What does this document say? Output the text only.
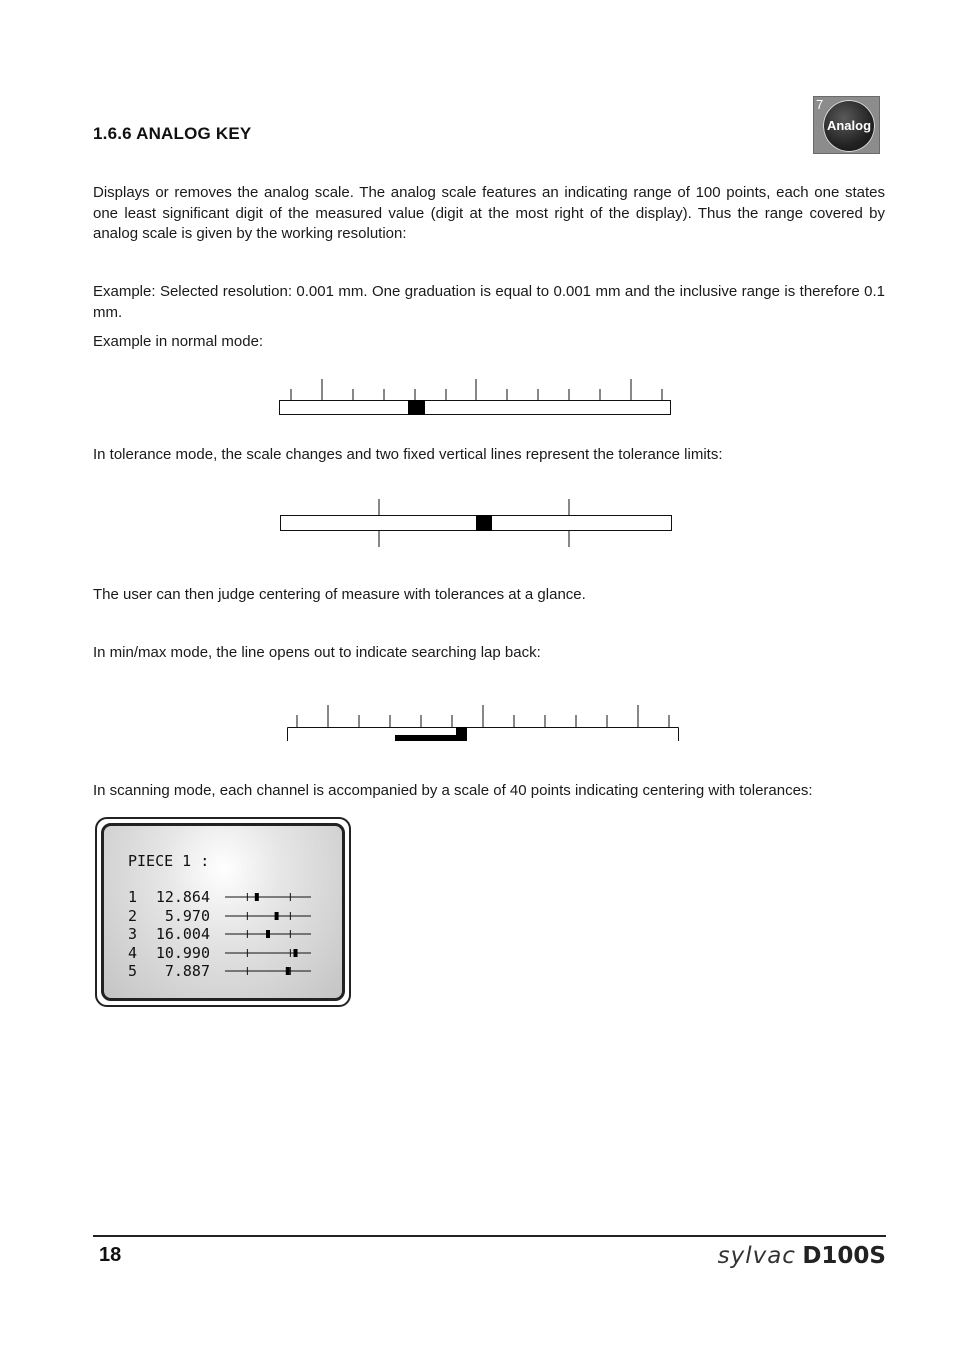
1.6.6 ANALOG KEY
7
Analog
Displays or removes the analog scale. The analog scale features an indicating range of 100 points, each one states one least significant digit of the measured value (digit at the most right of the display). Thus the range covered by analog scale is given by the working resolution:
Example: Selected resolution: 0.001 mm. One graduation is equal to 0.001 mm and the inclusive range is therefore 0.1 mm.
Example in normal mode:
In tolerance mode, the scale changes and two fixed vertical lines represent the tolerance limits:
The user can then judge centering of measure with tolerances at a glance.
In min/max mode, the line opens out to indicate searching lap back:
In scanning mode, each channel is accompanied by a scale of 40 points indicating centering with tolerances:
PIECE 1 :
1	12.864
2	5.970
3	16.004
4	10.990
5	7.887
18	sylvac D100S
